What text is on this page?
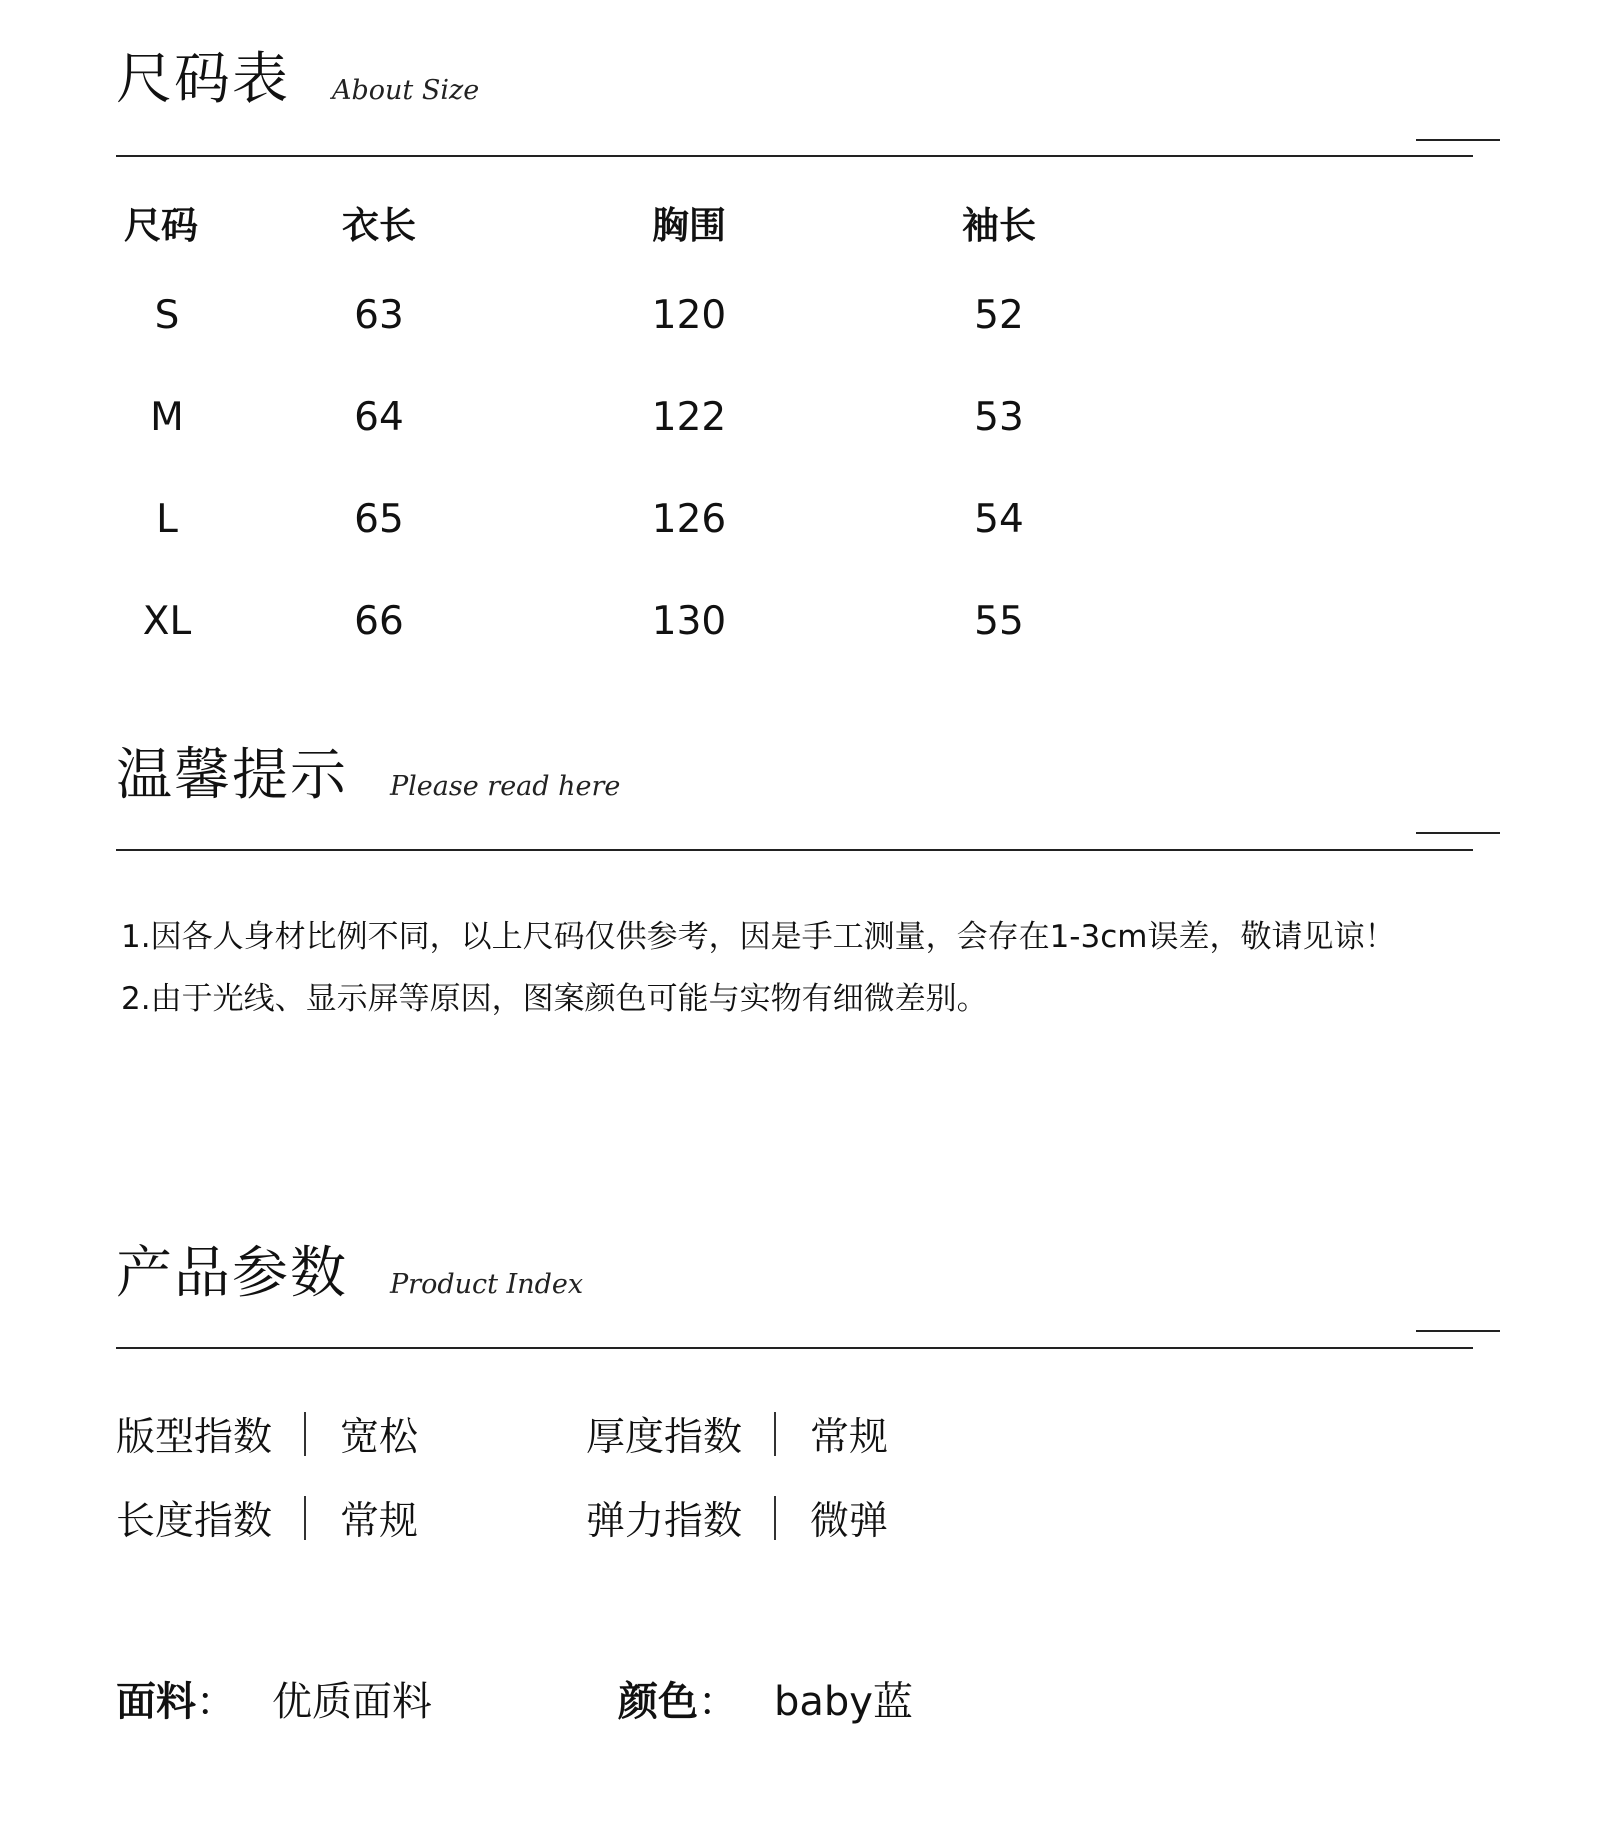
尺码表 About Size
尺码	衣长	胸围	袖长
S	63	120	52
M	64	122	53
L	65	126	54
XL	66	130	55
温馨提示 Please read here
1.因各人身材比例不同，以上尺码仅供参考，因是手工测量，会存在1-3cm误差，敬请见谅！
2.由于光线、显示屏等原因，图案颜色可能与实物有细微差别。
产品参数 Product Index
版型指数 宽松	厚度指数 常规
长度指数 常规	弹力指数 微弹
面料 ： 优质面料	颜色 ： baby蓝
